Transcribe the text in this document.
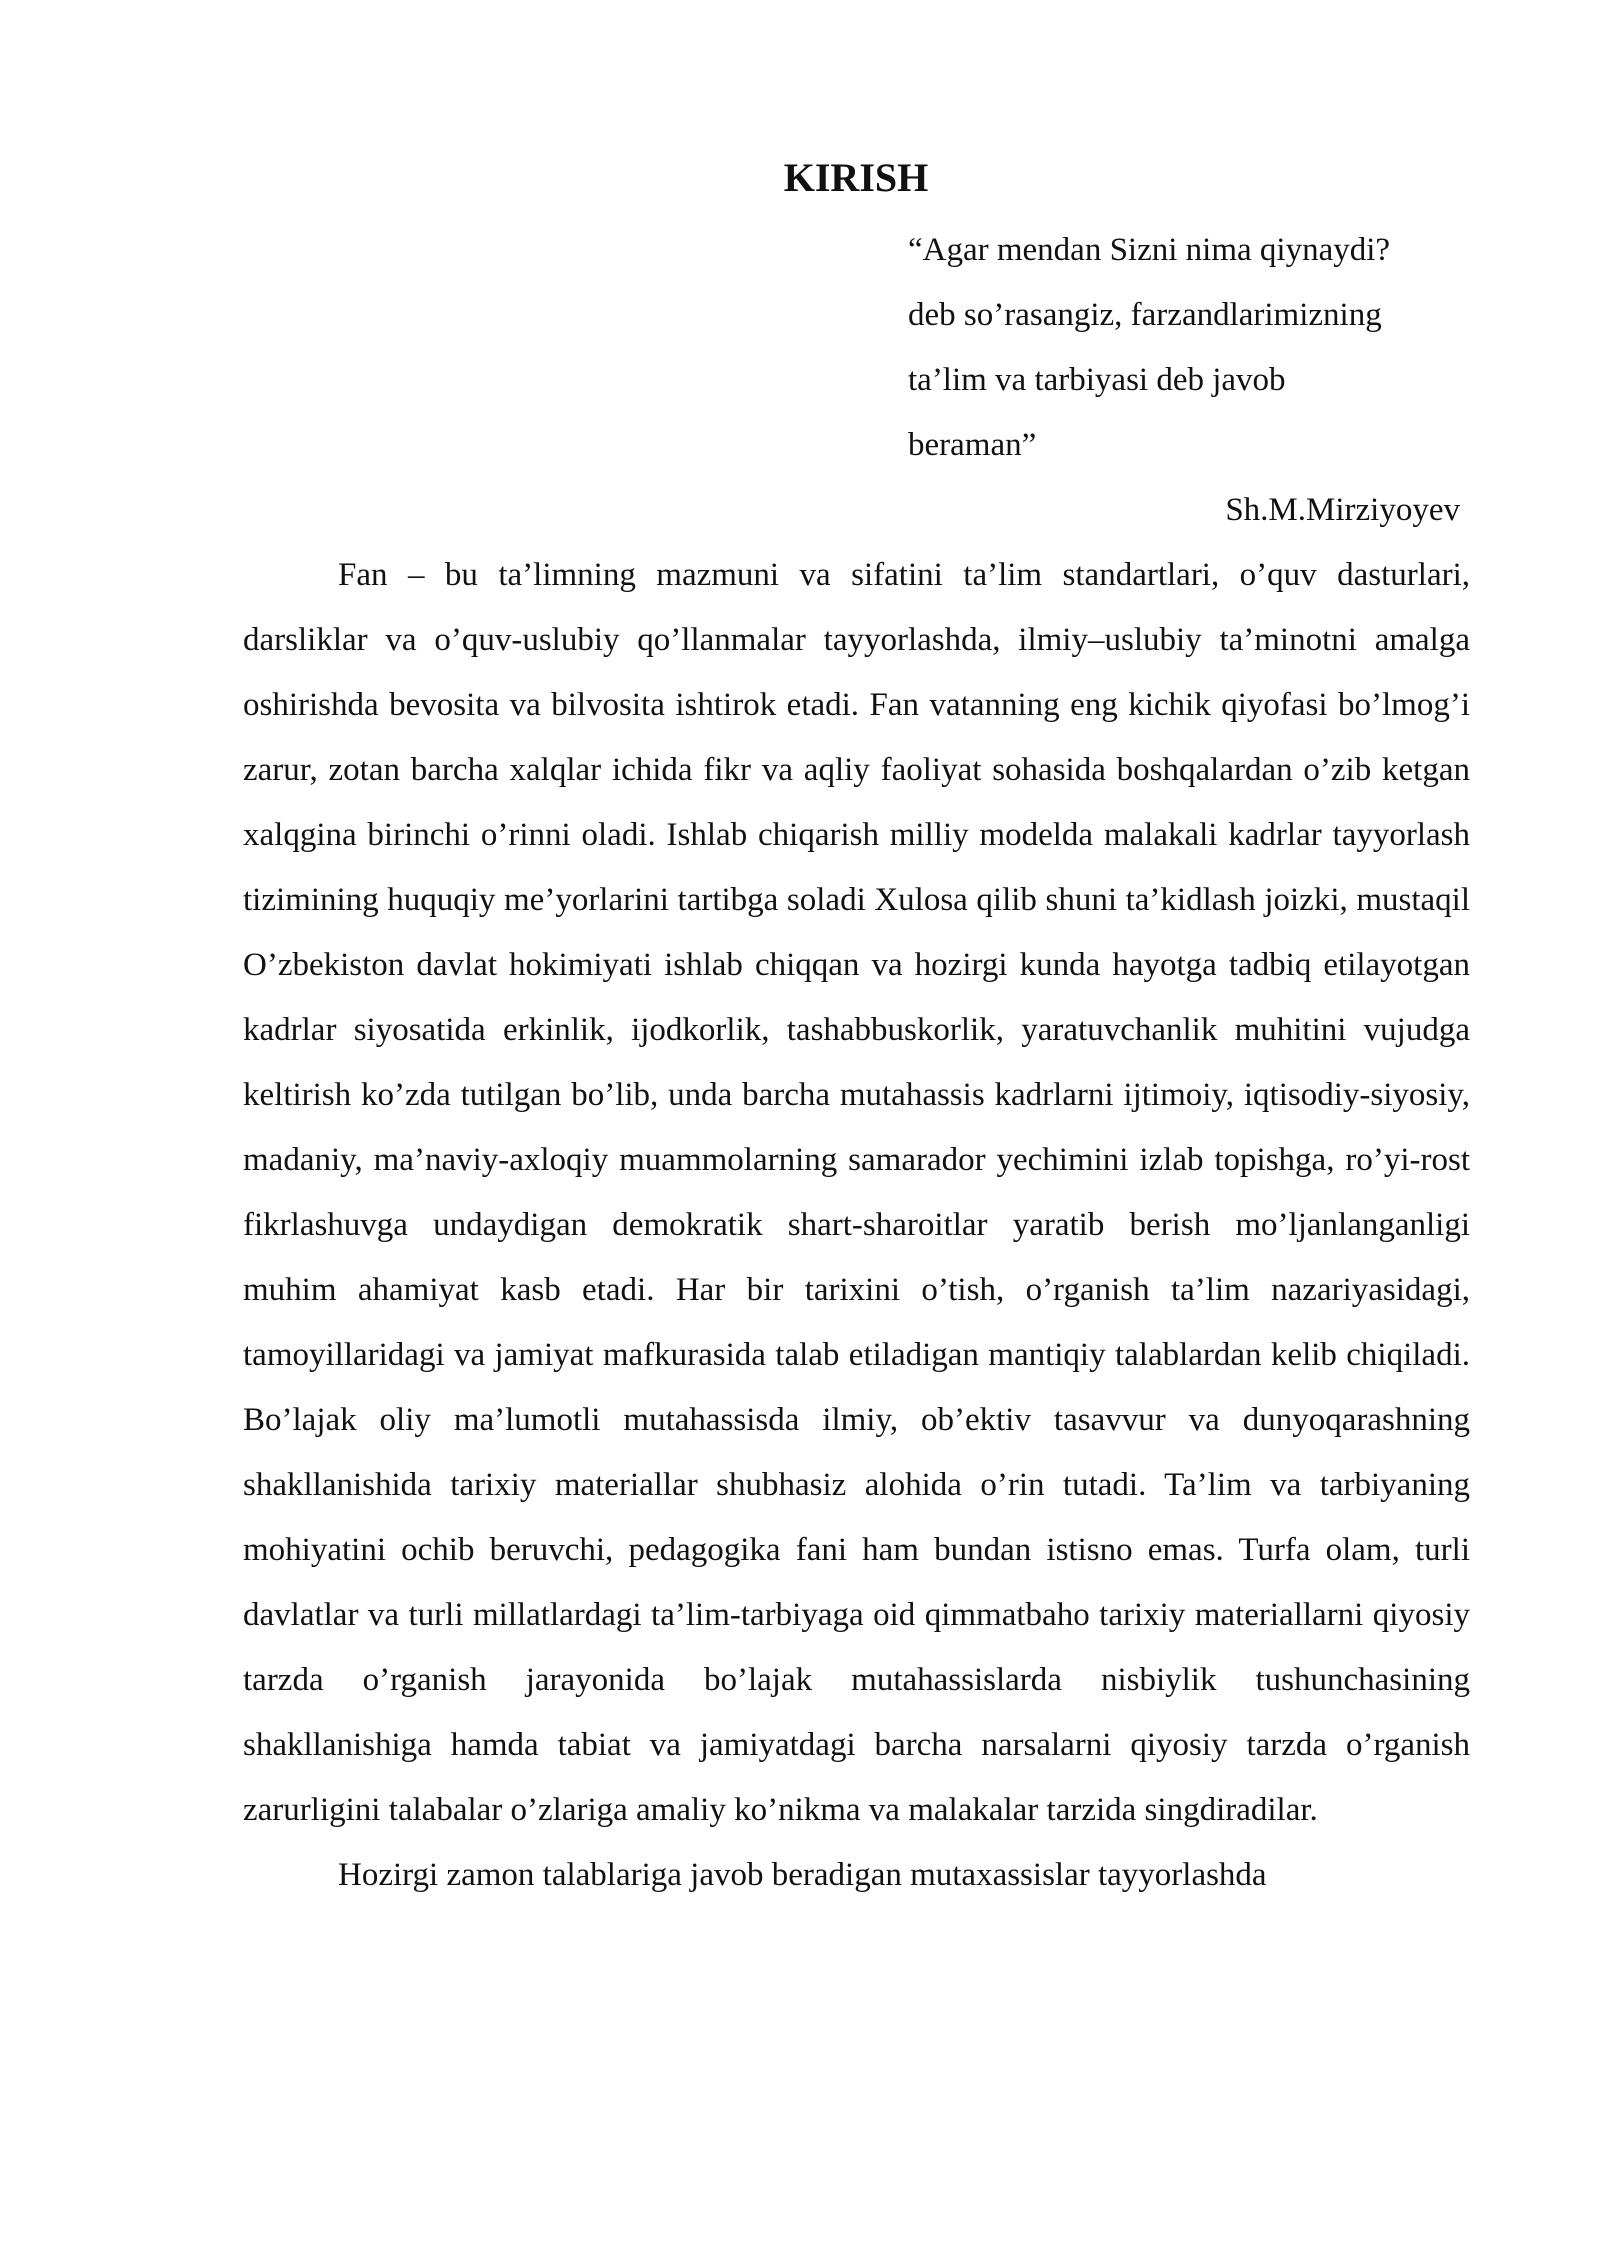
KIRISH
“Agar mendan Sizni nima qiynaydi?
deb so’rasangiz, farzandlarimizning
ta’lim va tarbiyasi deb javob
beraman”
Sh.M.Mirziyoyev

Fan – bu ta’limning mazmuni va sifatini ta’lim standartlari, o’quv dasturlari, darsliklar va o’quv-uslubiy qo’llanmalar tayyorlashda, ilmiy–uslubiy ta’minotni amalga oshirishda bevosita va bilvosita ishtirok etadi. Fan vatanning eng kichik qiyofasi bo’lmog’i zarur, zotan barcha xalqlar ichida fikr va aqliy faoliyat sohasida boshqalardan o’zib ketgan xalqgina birinchi o’rinni oladi. Ishlab chiqarish milliy modelda malakali kadrlar tayyorlash tizimining huquqiy me’yorlarini tartibga soladi Xulosa qilib shuni ta’kidlash joizki, mustaqil O’zbekiston davlat hokimiyati ishlab chiqqan va hozirgi kunda hayotga tadbiq etilayotgan kadrlar siyosatida erkinlik, ijodkorlik, tashabbuskorlik, yaratuvchanlik muhitini vujudga keltirish ko’zda tutilgan bo’lib, unda barcha mutahassis kadrlarni ijtimoiy, iqtisodiy-siyosiy, madaniy, ma’naviy-axloqiy muammolarning samarador yechimini izlab topishga, ro’yi-rost fikrlashuvga undaydigan demokratik shart-sharoitlar yaratib berish mo’ljanlanganligi muhim ahamiyat kasb etadi. Har bir tarixini o’tish, o’rganish ta’lim nazariyasidagi, tamoyillaridagi va jamiyat mafkurasida talab etiladigan mantiqiy talablardan kelib chiqiladi. Bo’lajak oliy ma’lumotli mutahassisda ilmiy, ob’ektiv tasavvur va dunyoqarashning shakllanishida tarixiy materiallar shubhasiz alohida o’rin tutadi. Ta’lim va tarbiyaning mohiyatini ochib beruvchi, pedagogika fani ham bundan istisno emas. Turfa olam, turli davlatlar va turli millatlardagi ta’lim-tarbiyaga oid qimmatbaho tarixiy materiallarni qiyosiy tarzda o’rganish jarayonida bo’lajak mutahassislarda nisbiylik tushunchasining shakllanishiga hamda tabiat va jamiyatdagi barcha narsalarni qiyosiy tarzda o’rganish zarurligini talabalar o’zlariga amaliy ko’nikma va malakalar tarzida singdiradilar.

Hozirgi zamon talablariga javob beradigan mutaxassislar tayyorlashda
